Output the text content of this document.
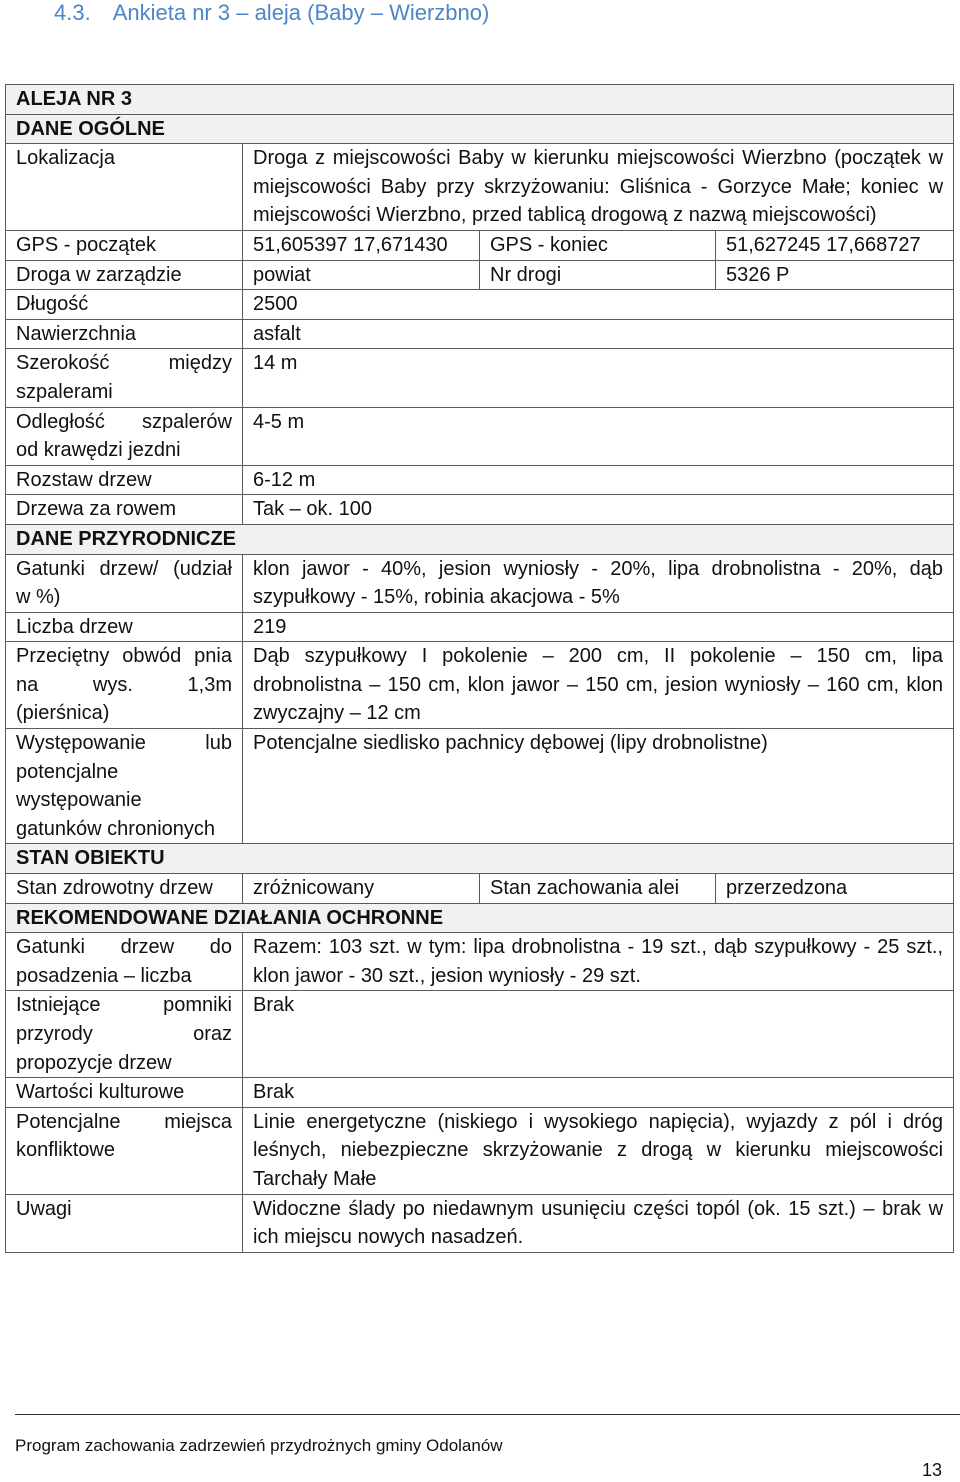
4.3. Ankieta nr 3 – aleja (Baby – Wierzbno)
ALEJA NR 3			
DANE OGÓLNE			
Lokalizacja	Droga z miejscowości Baby w kierunku miejscowości Wierzbno (początek w miejscowości Baby przy skrzyżowaniu: Gliśnica - Gorzyce Małe; koniec w miejscowości Wierzbno, przed tablicą drogową z nazwą miejscowości)		
GPS - początek	51,605397 17,671430	GPS - koniec	51,627245 17,668727
Droga w zarządzie	powiat	Nr drogi	5326 P
Długość	2500		
Nawierzchnia	asfalt		

Szerokość między
szpalerami	14 m		

Odległość szpalerów
od krawędzi jezdni	4-5 m		
Rozstaw drzew	6-12 m		
Drzewa za rowem	Tak – ok. 100		
DANE PRZYRODNICZE			

Gatunki drzew/ (udział
w %)	klon jawor - 40%, jesion wyniosły - 20%, lipa drobnolistna - 20%, dąb szypułkowy - 15%, robinia akacjowa - 5%		
Liczba drzew	219		

Przeciętny obwód pnia
na wys. 1,3m
(pierśnica)	Dąb szypułkowy I pokolenie – 200 cm, II pokolenie – 150 cm, lipa drobnolistna – 150 cm, klon jawor – 150 cm, jesion wyniosły – 160 cm, klon zwyczajny – 12 cm		

Występowanie lub
potencjalne
występowanie
gatunków chronionych	Potencjalne siedlisko pachnicy dębowej (lipy drobnolistne)		
STAN OBIEKTU			
Stan zdrowotny drzew	zróżnicowany	Stan zachowania alei	przerzedzona
REKOMENDOWANE DZIAŁANIA OCHRONNE			

Gatunki drzew do
posadzenia – liczba	Razem: 103 szt. w tym: lipa drobnolistna - 19 szt., dąb szypułkowy - 25 szt., klon jawor - 30 szt., jesion wyniosły - 29 szt.		

Istniejące pomniki
przyrody oraz
propozycje drzew	Brak		
Wartości kulturowe	Brak		

Potencjalne miejsca
konfliktowe	Linie energetyczne (niskiego i wysokiego napięcia), wyjazdy z pól i dróg leśnych, niebezpieczne skrzyżowanie z drogą w kierunku miejscowości Tarchały Małe		
Uwagi	Widoczne ślady po niedawnym usunięciu części topól (ok. 15 szt.) – brak w ich miejscu nowych nasadzeń.		
Program zachowania zadrzewień przydrożnych gminy Odolanów
13
